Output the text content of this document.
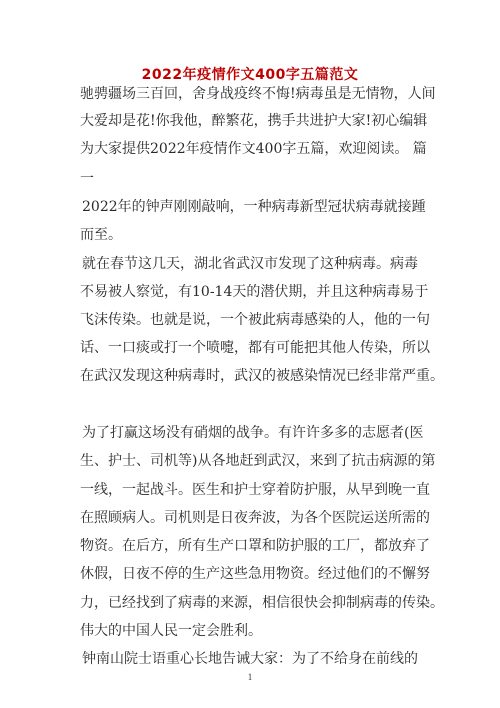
2022年疫情作文400字五篇范文
驰骋疆场三百回，舍身战疫终不悔!病毒虽是无情物，人间
大爱却是花!你我他，醉繁花，携手共进护大家!初心编辑
为大家提供2022年疫情作文400字五篇，欢迎阅读。 篇
一
2022年的钟声刚刚敲响，一种病毒新型冠状病毒就接踵
而至。
就在春节这几天，湖北省武汉市发现了这种病毒。病毒
不易被人察觉，有10-14天的潜伏期，并且这种病毒易于
飞沫传染。也就是说，一个被此病毒感染的人，他的一句
话、一口痰或打一个喷嚏，都有可能把其他人传染，所以
在武汉发现这种病毒时，武汉的被感染情况已经非常严重。
为了打赢这场没有硝烟的战争。有许许多多的志愿者(医
生、护士、司机等)从各地赶到武汉，来到了抗击病源的第
一线，一起战斗。医生和护士穿着防护服，从早到晚一直
在照顾病人。司机则是日夜奔波，为各个医院运送所需的
物资。在后方，所有生产口罩和防护服的工厂，都放弃了
休假，日夜不停的生产这些急用物资。经过他们的不懈努
力，已经找到了病毒的来源，相信很快会抑制病毒的传染。
伟大的中国人民一定会胜利。
钟南山院士语重心长地告诫大家：为了不给身在前线的
1
